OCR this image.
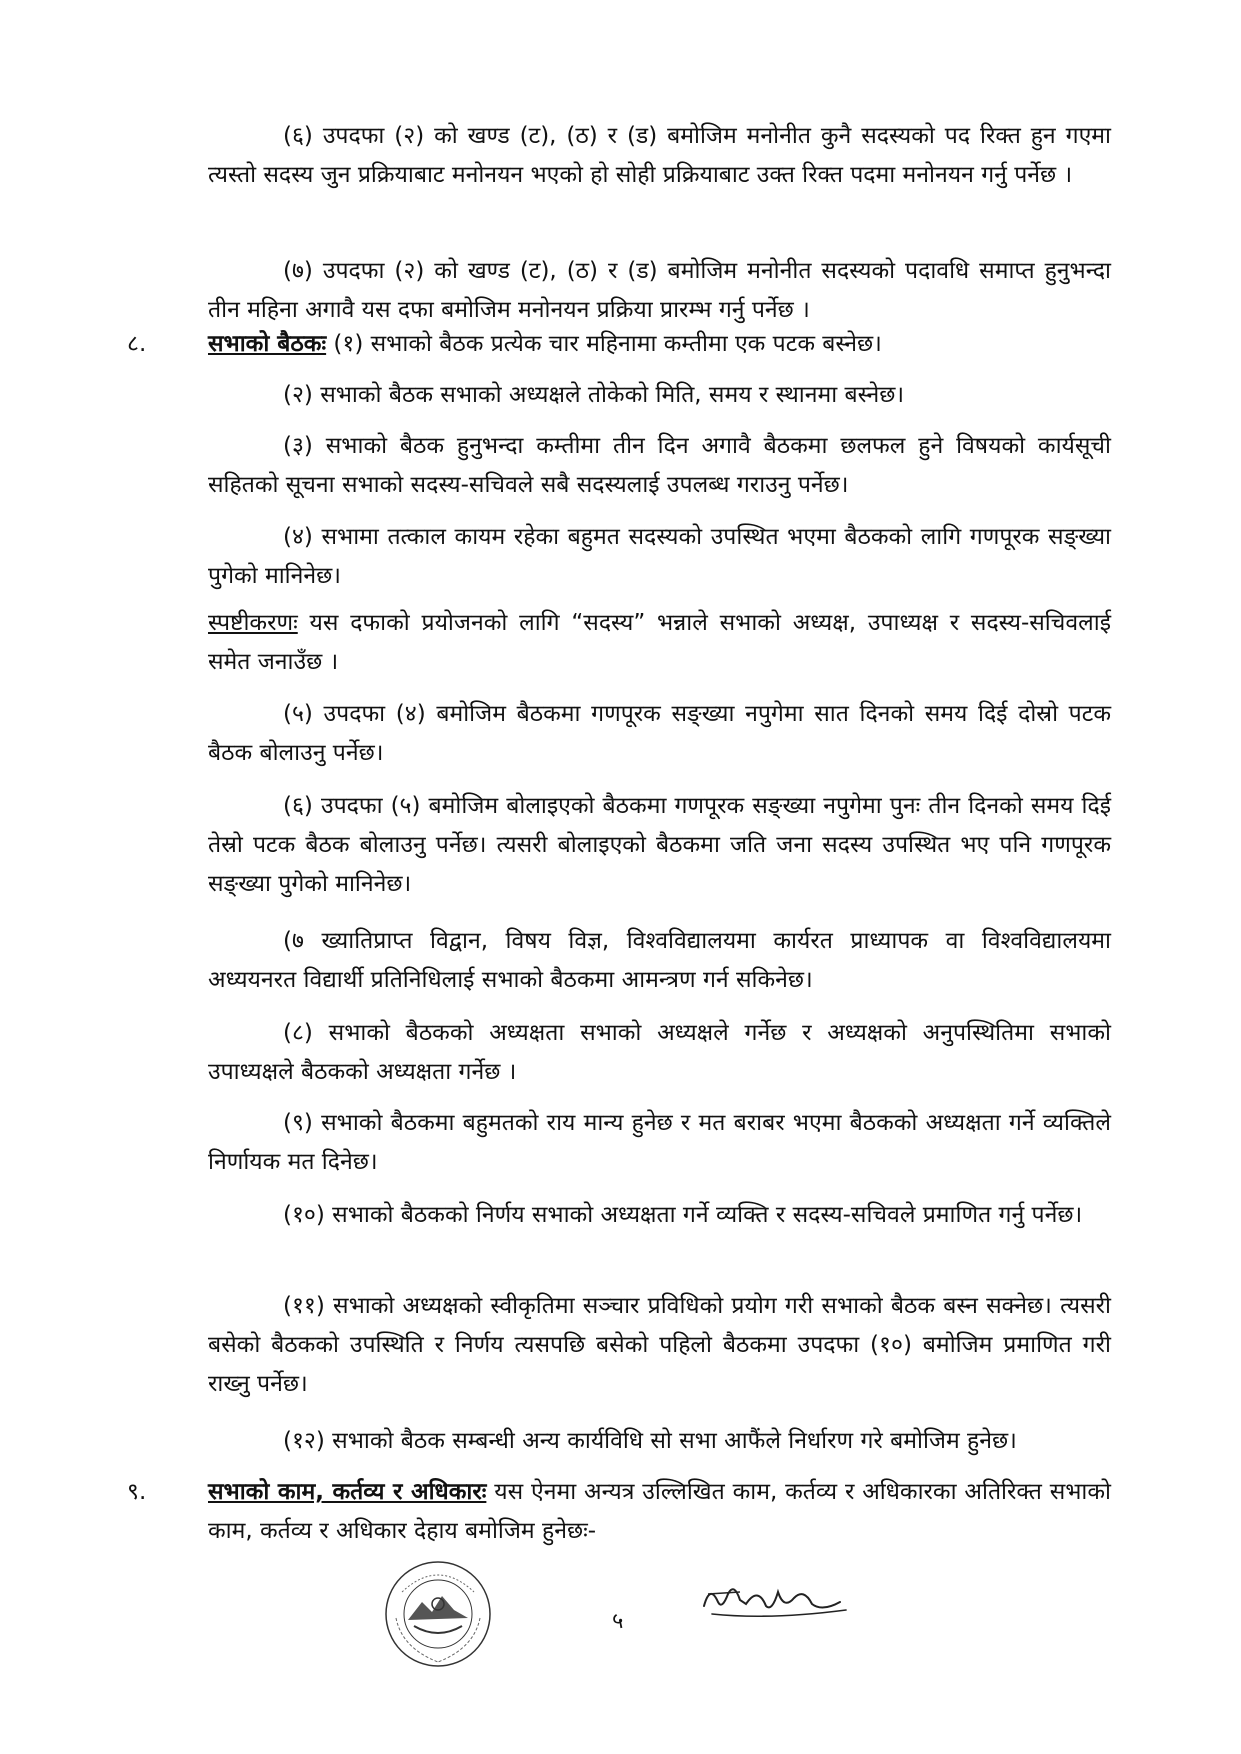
(६) उपदफा (२) को खण्ड (ट), (ठ) र (ड) बमोजिम मनोनीत कुनै सदस्यको पद रिक्त हुन गएमा त्यस्तो सदस्य जुन प्रक्रियाबाट मनोनयन भएको हो सोही प्रक्रियाबाट उक्त रिक्त पदमा मनोनयन गर्नु पर्नेछ ।

(७) उपदफा (२) को खण्ड (ट), (ठ) र (ड) बमोजिम मनोनीत सदस्यको पदावधि समाप्त हुनुभन्दा तीन महिना अगावै यस दफा बमोजिम मनोनयन प्रक्रिया प्रारम्भ गर्नु पर्नेछ ।

८.	सभाको बैठकः (१) सभाको बैठक प्रत्येक चार महिनामा कम्तीमा एक पटक बस्नेछ।

(२) सभाको बैठक सभाको अध्यक्षले तोकेको मिति, समय र स्थानमा बस्नेछ।

(३) सभाको बैठक हुनुभन्दा कम्तीमा तीन दिन अगावै बैठकमा छलफल हुने विषयको कार्यसूची सहितको सूचना सभाको सदस्य-सचिवले सबै सदस्यलाई उपलब्ध गराउनु पर्नेछ।

(४) सभामा तत्काल कायम रहेका बहुमत सदस्यको उपस्थित भएमा बैठकको लागि गणपूरक सङ्ख्या पुगेको मानिनेछ।

स्पष्टीकरणः यस दफाको प्रयोजनको लागि “सदस्य” भन्नाले सभाको अध्यक्ष, उपाध्यक्ष र सदस्य-सचिवलाई समेत जनाउँछ ।

(५) उपदफा (४) बमोजिम बैठकमा गणपूरक सङ्ख्या नपुगेमा सात दिनको समय दिई दोस्रो पटक बैठक बोलाउनु पर्नेछ।

(६) उपदफा (५) बमोजिम बोलाइएको बैठकमा गणपूरक सङ्ख्या नपुगेमा पुनः तीन दिनको समय दिई तेस्रो पटक बैठक बोलाउनु पर्नेछ। त्यसरी बोलाइएको बैठकमा जति जना सदस्य उपस्थित भए पनि गणपूरक सङ्ख्या पुगेको मानिनेछ।

(७ ख्यातिप्राप्त विद्वान, विषय विज्ञ, विश्वविद्यालयमा कार्यरत प्राध्यापक वा विश्वविद्यालयमा अध्ययनरत विद्यार्थी प्रतिनिधिलाई सभाको बैठकमा आमन्त्रण गर्न सकिनेछ।

(८) सभाको बैठकको अध्यक्षता सभाको अध्यक्षले गर्नेछ र अध्यक्षको अनुपस्थितिमा सभाको उपाध्यक्षले बैठकको अध्यक्षता गर्नेछ ।

(९) सभाको बैठकमा बहुमतको राय मान्य हुनेछ र मत बराबर भएमा बैठकको अध्यक्षता गर्ने व्यक्तिले निर्णायक मत दिनेछ।

(१०) सभाको बैठकको निर्णय सभाको अध्यक्षता गर्ने व्यक्ति र सदस्य-सचिवले प्रमाणित गर्नु पर्नेछ।

(११) सभाको अध्यक्षको स्वीकृतिमा सञ्चार प्रविधिको प्रयोग गरी सभाको बैठक बस्न सक्नेछ। त्यसरी बसेको बैठकको उपस्थिति र निर्णय त्यसपछि बसेको पहिलो बैठकमा उपदफा (१०) बमोजिम प्रमाणित गरी राख्नु पर्नेछ।

(१२) सभाको बैठक सम्बन्धी अन्य कार्यविधि सो सभा आफैंले निर्धारण गरे बमोजिम हुनेछ।

९.	सभाको काम, कर्तव्य र अधिकारः यस ऐनमा अन्यत्र उल्लिखित काम, कर्तव्य र अधिकारका अतिरिक्त सभाको काम, कर्तव्य र अधिकार देहाय बमोजिम हुनेछः-

५
